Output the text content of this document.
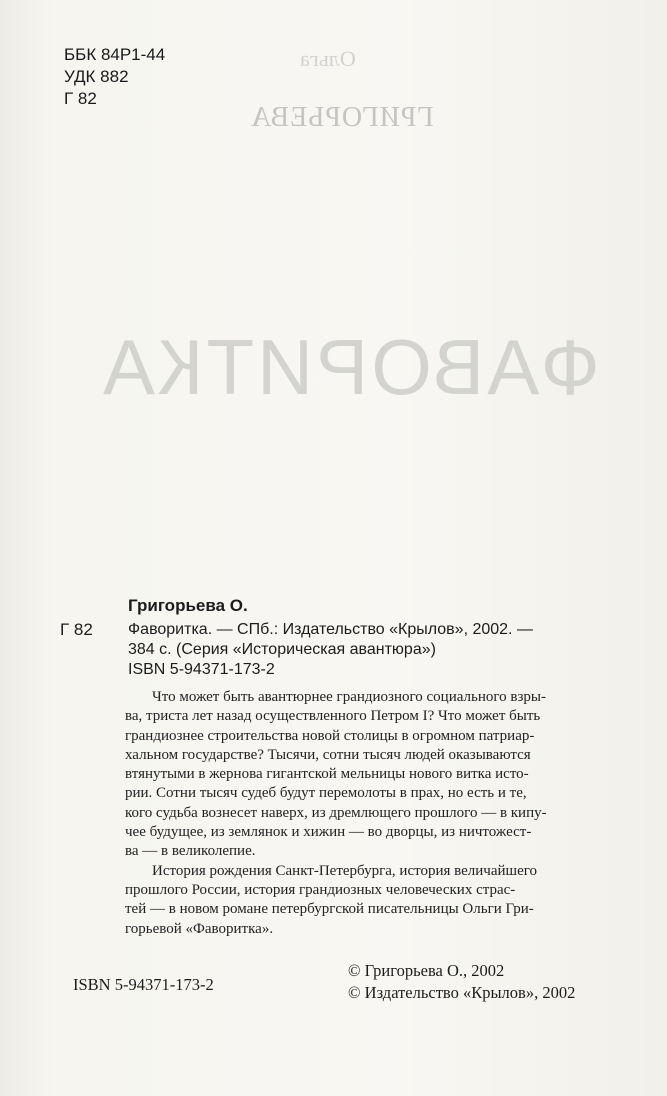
Ольга
ГРИГОРЬЕВА
ФАВОРИТКА
ББК 84Р1-44
УДК 882
Г 82
Григорьева О.
Г 82 Фаворитка. — СПб.: Издательство «Крылов», 2002. —
384 с. (Серия «Историческая авантюра»)
ISBN 5-94371-173-2
Что может быть авантюрнее грандиозного социального взры-
ва, триста лет назад осуществленного Петром I? Что может быть
грандиознее строительства новой столицы в огромном патриар-
хальном государстве? Тысячи, сотни тысяч людей оказываются
втянутыми в жернова гигантской мельницы нового витка исто-
рии. Сотни тысяч судеб будут перемолоты в прах, но есть и те,
кого судьба вознесет наверх, из дремлющего прошлого — в кипу-
чее будущее, из землянок и хижин — во дворцы, из ничтожест-
ва — в великолепие.
История рождения Санкт-Петербурга, история величайшего
прошлого России, история грандиозных человеческих страс-
тей — в новом романе петербургской писательницы Ольги Гри-
горьевой «Фаворитка».
ISBN 5-94371-173-2
© Григорьева О., 2002
© Издательство «Крылов», 2002
